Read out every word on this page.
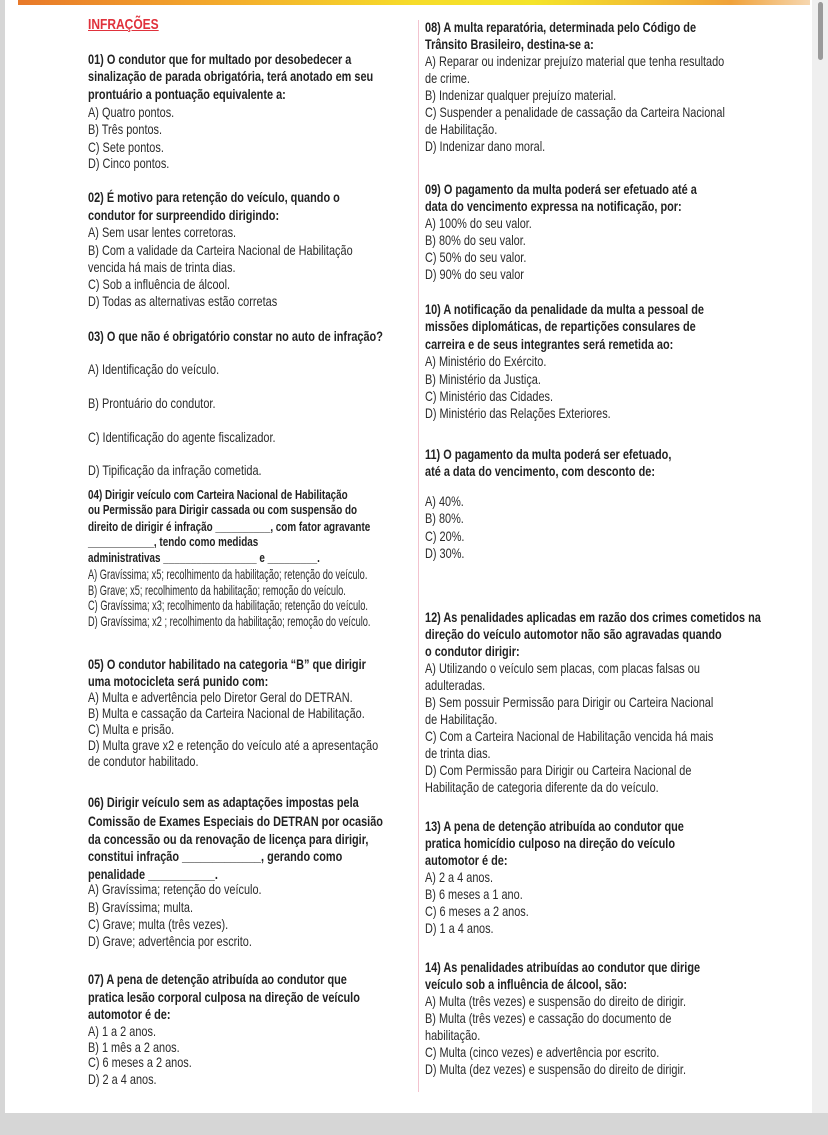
INFRAÇÕES
01) O condutor que for multado por desobedecer a
sinalização de parada obrigatória, terá anotado em seu
prontuário a pontuação equivalente a:
A) Quatro pontos.
B) Três pontos.
C) Sete pontos.
D) Cinco pontos.
02) É motivo para retenção do veículo, quando o
condutor for surpreendido dirigindo:
A) Sem usar lentes corretoras.
B) Com a validade da Carteira Nacional de Habilitação
vencida há mais de trinta dias.
C) Sob a influência de álcool.
D) Todas as alternativas estão corretas
03) O que não é obrigatório constar no auto de infração?
A) Identificação do veículo.
B) Prontuário do condutor.
C) Identificação do agente fiscalizador.
D) Tipificação da infração cometida.
04) Dirigir veículo com Carteira Nacional de Habilitação
ou Permissão para Dirigir cassada ou com suspensão do
direito de dirigir é infração __________, com fator agravante
____________, tendo como medidas
administrativas _________________ e _________.
A) Gravíssima; x5; recolhimento da habilitação; retenção do veículo.
B) Grave; x5; recolhimento da habilitação; remoção do veículo.
C) Gravíssima; x3; recolhimento da habilitação; retenção do veículo.
D) Gravíssima; x2 ; recolhimento da habilitação; remoção do veículo.
05) O condutor habilitado na categoria “B” que dirigir
uma motocicleta será punido com:
A) Multa e advertência pelo Diretor Geral do DETRAN.
B) Multa e cassação da Carteira Nacional de Habilitação.
C) Multa e prisão.
D) Multa grave x2 e retenção do veículo até a apresentação
de condutor habilitado.
06) Dirigir veículo sem as adaptações impostas pela
Comissão de Exames Especiais do DETRAN por ocasião
da concessão ou da renovação de licença para dirigir,
constitui infração _____________, gerando como
penalidade ___________.
A) Gravíssima; retenção do veículo.
B) Gravíssima; multa.
C) Grave; multa (três vezes).
D) Grave; advertência por escrito.
07) A pena de detenção atribuída ao condutor que
pratica lesão corporal culposa na direção de veículo
automotor é de:
A) 1 a 2 anos.
B) 1 mês a 2 anos.
C) 6 meses a 2 anos.
D) 2 a 4 anos.
08) A multa reparatória, determinada pelo Código de
Trânsito Brasileiro, destina-se a:
A) Reparar ou indenizar prejuízo material que tenha resultado
de crime.
B) Indenizar qualquer prejuízo material.
C) Suspender a penalidade de cassação da Carteira Nacional
de Habilitação.
D) Indenizar dano moral.
09) O pagamento da multa poderá ser efetuado até a
data do vencimento expressa na notificação, por:
A) 100% do seu valor.
B) 80% do seu valor.
C) 50% do seu valor.
D) 90% do seu valor
10) A notificação da penalidade da multa a pessoal de
missões diplomáticas, de repartições consulares de
carreira e de seus integrantes será remetida ao:
A) Ministério do Exército.
B) Ministério da Justiça.
C) Ministério das Cidades.
D) Ministério das Relações Exteriores.
11) O pagamento da multa poderá ser efetuado,
até a data do vencimento, com desconto de:
A) 40%.
B) 80%.
C) 20%.
D) 30%.
12) As penalidades aplicadas em razão dos crimes cometidos na
direção do veículo automotor não são agravadas quando
o condutor dirigir:
A) Utilizando o veículo sem placas, com placas falsas ou
adulteradas.
B) Sem possuir Permissão para Dirigir ou Carteira Nacional
de Habilitação.
C) Com a Carteira Nacional de Habilitação vencida há mais
de trinta dias.
D) Com Permissão para Dirigir ou Carteira Nacional de
Habilitação de categoria diferente da do veículo.
13) A pena de detenção atribuída ao condutor que
pratica homicídio culposo na direção do veículo
automotor é de:
A) 2 a 4 anos.
B) 6 meses a 1 ano.
C) 6 meses a 2 anos.
D) 1 a 4 anos.
14) As penalidades atribuídas ao condutor que dirige
veículo sob a influência de álcool, são:
A) Multa (três vezes) e suspensão do direito de dirigir.
B) Multa (três vezes) e cassação do documento de
habilitação.
C) Multa (cinco vezes) e advertência por escrito.
D) Multa (dez vezes) e suspensão do direito de dirigir.
